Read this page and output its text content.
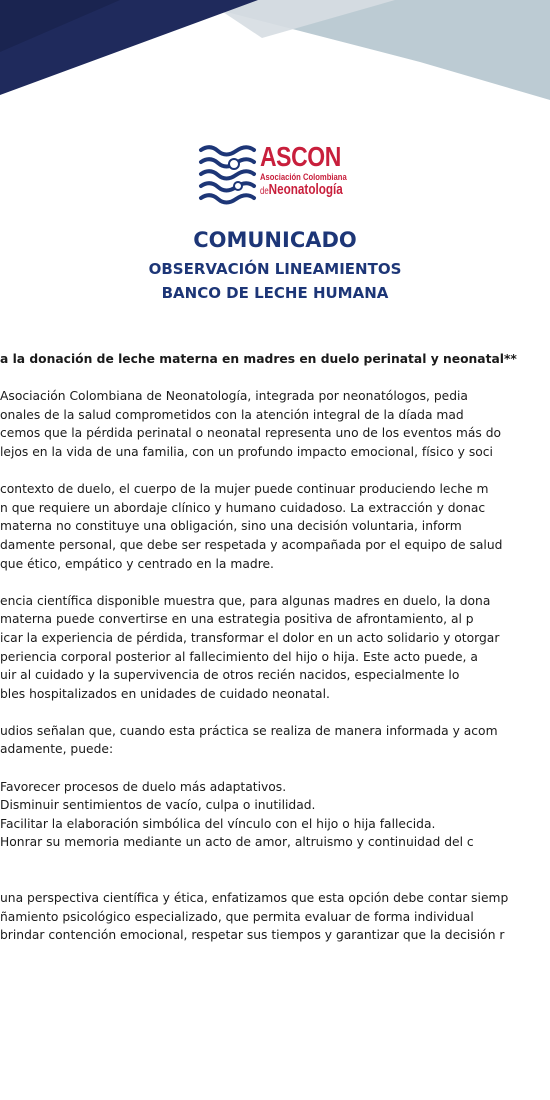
ASCON
Asociación Colombiana
deNeonatología
COMUNICADO
OBSERVACIÓN LINEAMIENTOS
BANCO DE LECHE HUMANA
a la donación de leche materna en madres en duelo perinatal y neonatal**
Asociación Colombiana de Neonatología, integrada por neonatólogos, pedia
onales de la salud comprometidos con la atención integral de la díada mad
cemos que la pérdida perinatal o neonatal representa uno de los eventos más do
lejos en la vida de una familia, con un profundo impacto emocional, físico y soci
contexto de duelo, el cuerpo de la mujer puede continuar produciendo leche m
n que requiere un abordaje clínico y humano cuidadoso. La extracción y donac
materna no constituye una obligación, sino una decisión voluntaria, inform
damente personal, que debe ser respetada y acompañada por el equipo de salud
que ético, empático y centrado en la madre.
encia científica disponible muestra que, para algunas madres en duelo, la dona
materna puede convertirse en una estrategia positiva de afrontamiento, al p
icar la experiencia de pérdida, transformar el dolor en un acto solidario y otorgar
periencia corporal posterior al fallecimiento del hijo o hija. Este acto puede, a
uir al cuidado y la supervivencia de otros recién nacidos, especialmente lo
bles hospitalizados en unidades de cuidado neonatal.
udios señalan que, cuando esta práctica se realiza de manera informada y acom
adamente, puede:
Favorecer procesos de duelo más adaptativos.
Disminuir sentimientos de vacío, culpa o inutilidad.
Facilitar la elaboración simbólica del vínculo con el hijo o hija fallecida.
Honrar su memoria mediante un acto de amor, altruismo y continuidad del c
una perspectiva científica y ética, enfatizamos que esta opción debe contar siemp
ñamiento psicológico especializado, que permita evaluar de forma individual
brindar contención emocional, respetar sus tiempos y garantizar que la decisión r
